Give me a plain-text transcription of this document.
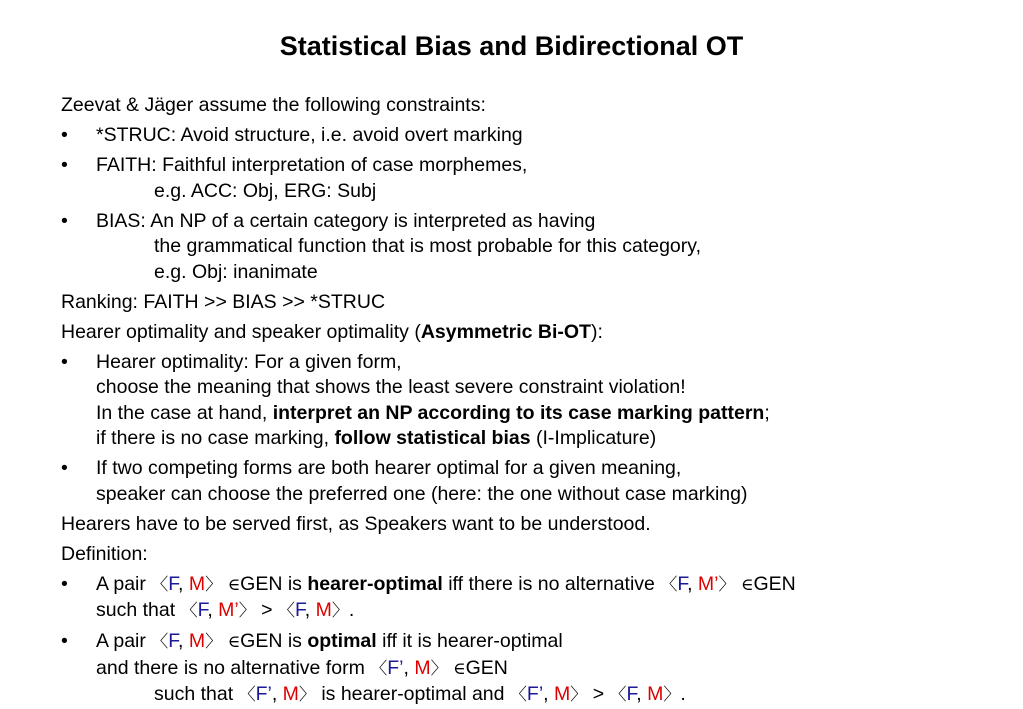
Statistical Bias and Bidirectional OT
Zeevat & Jäger assume the following constraints:
• *STRUC: Avoid structure, i.e. avoid overt marking
• FAITH: Faithful interpretation of case morphemes,
e.g. ACC: Obj, ERG: Subj
• BIAS: An NP of a certain category is interpreted as having
the grammatical function that is most probable for this category,
e.g. Obj: inanimate
Ranking: FAITH >> BIAS >> *STRUC
Hearer optimality and speaker optimality (Asymmetric Bi-OT):
• Hearer optimality: For a given form,
choose the meaning that shows the least severe constraint violation!
In the case at hand, interpret an NP according to its case marking pattern;
if there is no case marking, follow statistical bias (I-Implicature)
• If two competing forms are both hearer optimal for a given meaning,
speaker can choose the preferred one (here: the one without case marking)
Hearers have to be served first, as Speakers want to be understood.
Definition:
• A pair 〈F, M〉 ∈GEN is hearer-optimal iff there is no alternative 〈F, M’〉 ∈GEN
such that 〈F, M’〉 > 〈F, M〉.
• A pair 〈F, M〉 ∈GEN is optimal iff it is hearer-optimal
and there is no alternative form 〈F’, M〉 ∈GEN
such that 〈F’, M〉 is hearer-optimal and 〈F’, M〉 > 〈F, M〉.
